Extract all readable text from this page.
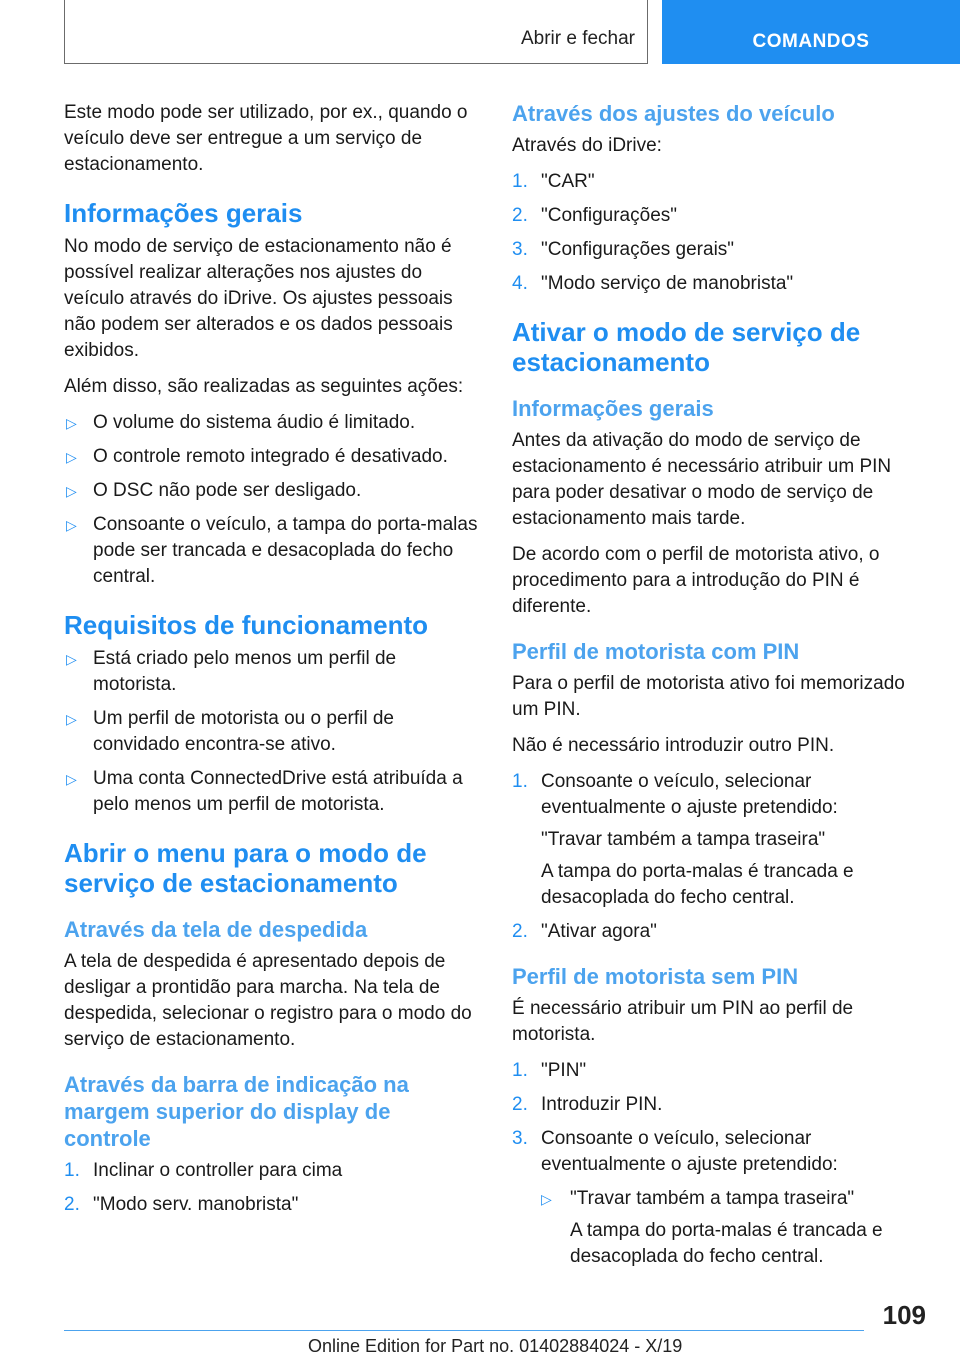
Abrir e fechar	COMANDOS

Este modo pode ser utilizado, por ex., quando o veículo deve ser entregue a um serviço de estacionamento.

Informações gerais

No modo de serviço de estacionamento não é possível realizar alterações nos ajustes do veículo através do iDrive. Os ajustes pessoais não podem ser alterados e os dados pessoais exibidos.

Além disso, são realizadas as seguintes ações:

▷ O volume do sistema áudio é limitado.
▷ O controle remoto integrado é desativado.
▷ O DSC não pode ser desligado.
▷ Consoante o veículo, a tampa do porta-malas pode ser trancada e desacoplada do fecho central.
Requisitos de funcionamento
▷ Está criado pelo menos um perfil de motorista.
▷ Um perfil de motorista ou o perfil de convidado encontra-se ativo.
▷ Uma conta ConnectedDrive está atribuída a pelo menos um perfil de motorista.
Abrir o menu para o modo de serviço de estacionamento
Através da tela de despedida

A tela de despedida é apresentado depois de desligar a prontidão para marcha. Na tela de despedida, selecionar o registro para o modo do serviço de estacionamento.

Através da barra de indicação na margem superior do display de controle
1. Inclinar o controller para cima
2. "Modo serv. manobrista"
Através dos ajustes do veículo

Através do iDrive:

1. "CAR"
2. "Configurações"
3. "Configurações gerais"
4. "Modo serviço de manobrista"
Ativar o modo de serviço de estacionamento
Informações gerais

Antes da ativação do modo de serviço de estacionamento é necessário atribuir um PIN para poder desativar o modo de serviço de estacionamento mais tarde.

De acordo com o perfil de motorista ativo, o procedimento para a introdução do PIN é diferente.

Perfil de motorista com PIN

Para o perfil de motorista ativo foi memorizado um PIN.

Não é necessário introduzir outro PIN.

1. Consoante o veículo, selecionar eventualmente o ajuste pretendido:
"Travar também a tampa traseira"
A tampa do porta-malas é trancada e desacoplada do fecho central.
2. "Ativar agora"
Perfil de motorista sem PIN

É necessário atribuir um PIN ao perfil de motorista.

1. "PIN"
2. Introduzir PIN.
3. Consoante o veículo, selecionar eventualmente o ajuste pretendido:
▷ "Travar também a tampa traseira"
A tampa do porta-malas é trancada e desacoplada do fecho central.
109
Online Edition for Part no. 01402884024 - X/19
